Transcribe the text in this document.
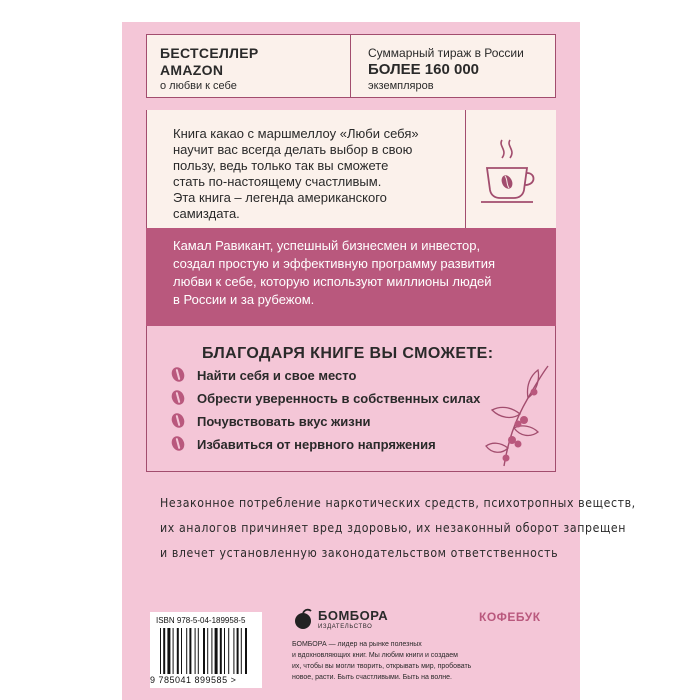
БЕСТСЕЛЛЕР
AMAZON
о любви к себе
Суммарный тираж в России
БОЛЕЕ 160 000
экземпляров
Книга какао с маршмеллоу «Люби себя»
научит вас всегда делать выбор в свою
пользу, ведь только так вы сможете
стать по-настоящему счастливым.
Эта книга – легенда американского
самиздата.
Камал Равикант, успешный бизнесмен и инвестор,
создал простую и эффективную программу развития
любви к себе, которую используют миллионы людей
в России и за рубежом.
БЛАГОДАРЯ КНИГЕ ВЫ СМОЖЕТЕ:
Найти себя и свое место
Обрести уверенность в собственных силах
Почувствовать вкус жизни
Избавиться от нервного напряжения
Незаконное потребление наркотических средств, психотропных веществ,
их аналогов причиняет вред здоровью, их незаконный оборот запрещен
и влечет установленную законодательством ответственность
ISBN 978-5-04-189958-5
9 785041 899585 >
БОМБОРА
ИЗДАТЕЛЬСТВО
КОФЕБУК
БОМБОРА — лидер на рынке полезных
и вдохновляющих книг. Мы любим книги и создаем
их, чтобы вы могли творить, открывать мир, пробовать
новое, расти. Быть счастливыми. Быть на волне.
